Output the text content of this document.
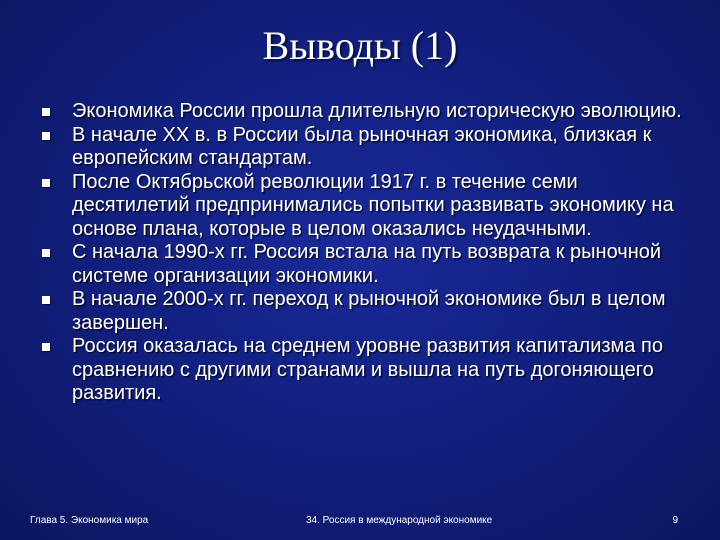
Выводы (1)
Экономика России прошла длительную историческую эволюцию.
В начале XX в. в России была рыночная экономика, близкая к европейским стандартам.
После Октябрьской революции 1917 г. в течение семи десятилетий предпринимались попытки развивать экономику на основе плана, которые в целом оказались неудачными.
С начала 1990-х гг. Россия встала на путь возврата к рыночной системе организации экономики.
В начале 2000-х гг. переход к рыночной экономике был в целом завершен.
Россия оказалась на среднем уровне развития капитализма по сравнению с другими странами и вышла на путь догоняющего развития.
Глава 5. Экономика мира	34. Россия в международной экономике	9
